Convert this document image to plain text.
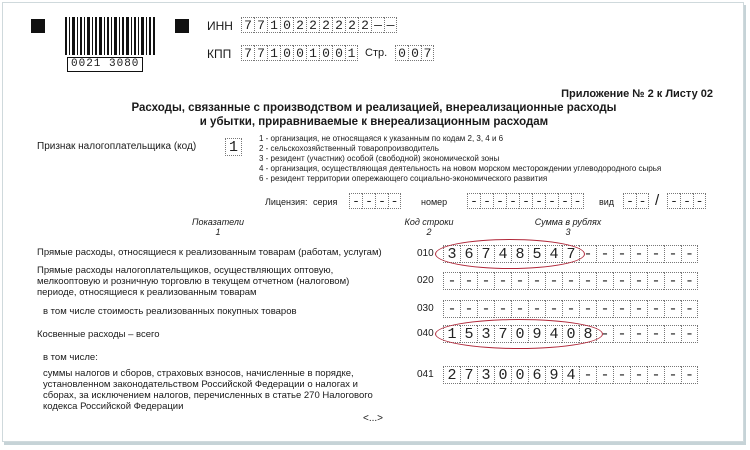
0021 3080
ИНН 7 7 1 0 2 2 2 2 2 2 — —
КПП 7 7 1 0 0 1 0 0 1 Стр. 0 0 7
Приложение № 2 к Листу 02
Расходы, связанные с производством и реализацией, внереализационные расходы
и убытки, приравниваемые к внереализационным расходам
Признак налогоплательщика (код) 1
1 - организация, не относящаяся к указанным по кодам 2, 3, 4 и 6
2 - сельскохозяйственный товаропроизводитель
3 - резидент (участник) особой (свободной) экономической зоны
4 - организация, осуществляющая деятельность на новом морском месторождении углеводородного сырья
6 - резидент территории опережающего социально-экономического развития
Лицензия: серия - - - -	номер - - - - - - - - - вид - - / - - -
Показатели
1
Код строки
2
Сумма в рублях
3
Прямые расходы, относящиеся к реализованным товарам (работам, услугам)	010 3 6 7 4 8 5 4 7 - - - - - - -
Прямые расходы налогоплательщиков, осуществляющих оптовую,
мелкооптовую и розничную торговлю в текущем отчетном (налоговом)
периоде, относящиеся к реализованным товарам
020 - - - - - - - - - - - - - - -
в том числе стоимость реализованных покупных товаров	030 - - - - - - - - - - - - - - -
Косвенные расходы – всего	040 1 5 3 7 0 9 4 0 8 - - - - - -
в том числе:
суммы налогов и сборов, страховых взносов, начисленные в порядке,
установленном законодательством Российской Федерации о налогах и
сборах, за исключением налогов, перечисленных в статье 270 Налогового
кодекса Российской Федерации
041 2 7 3 0 0 6 9 4 - - - - - - -
<...>
